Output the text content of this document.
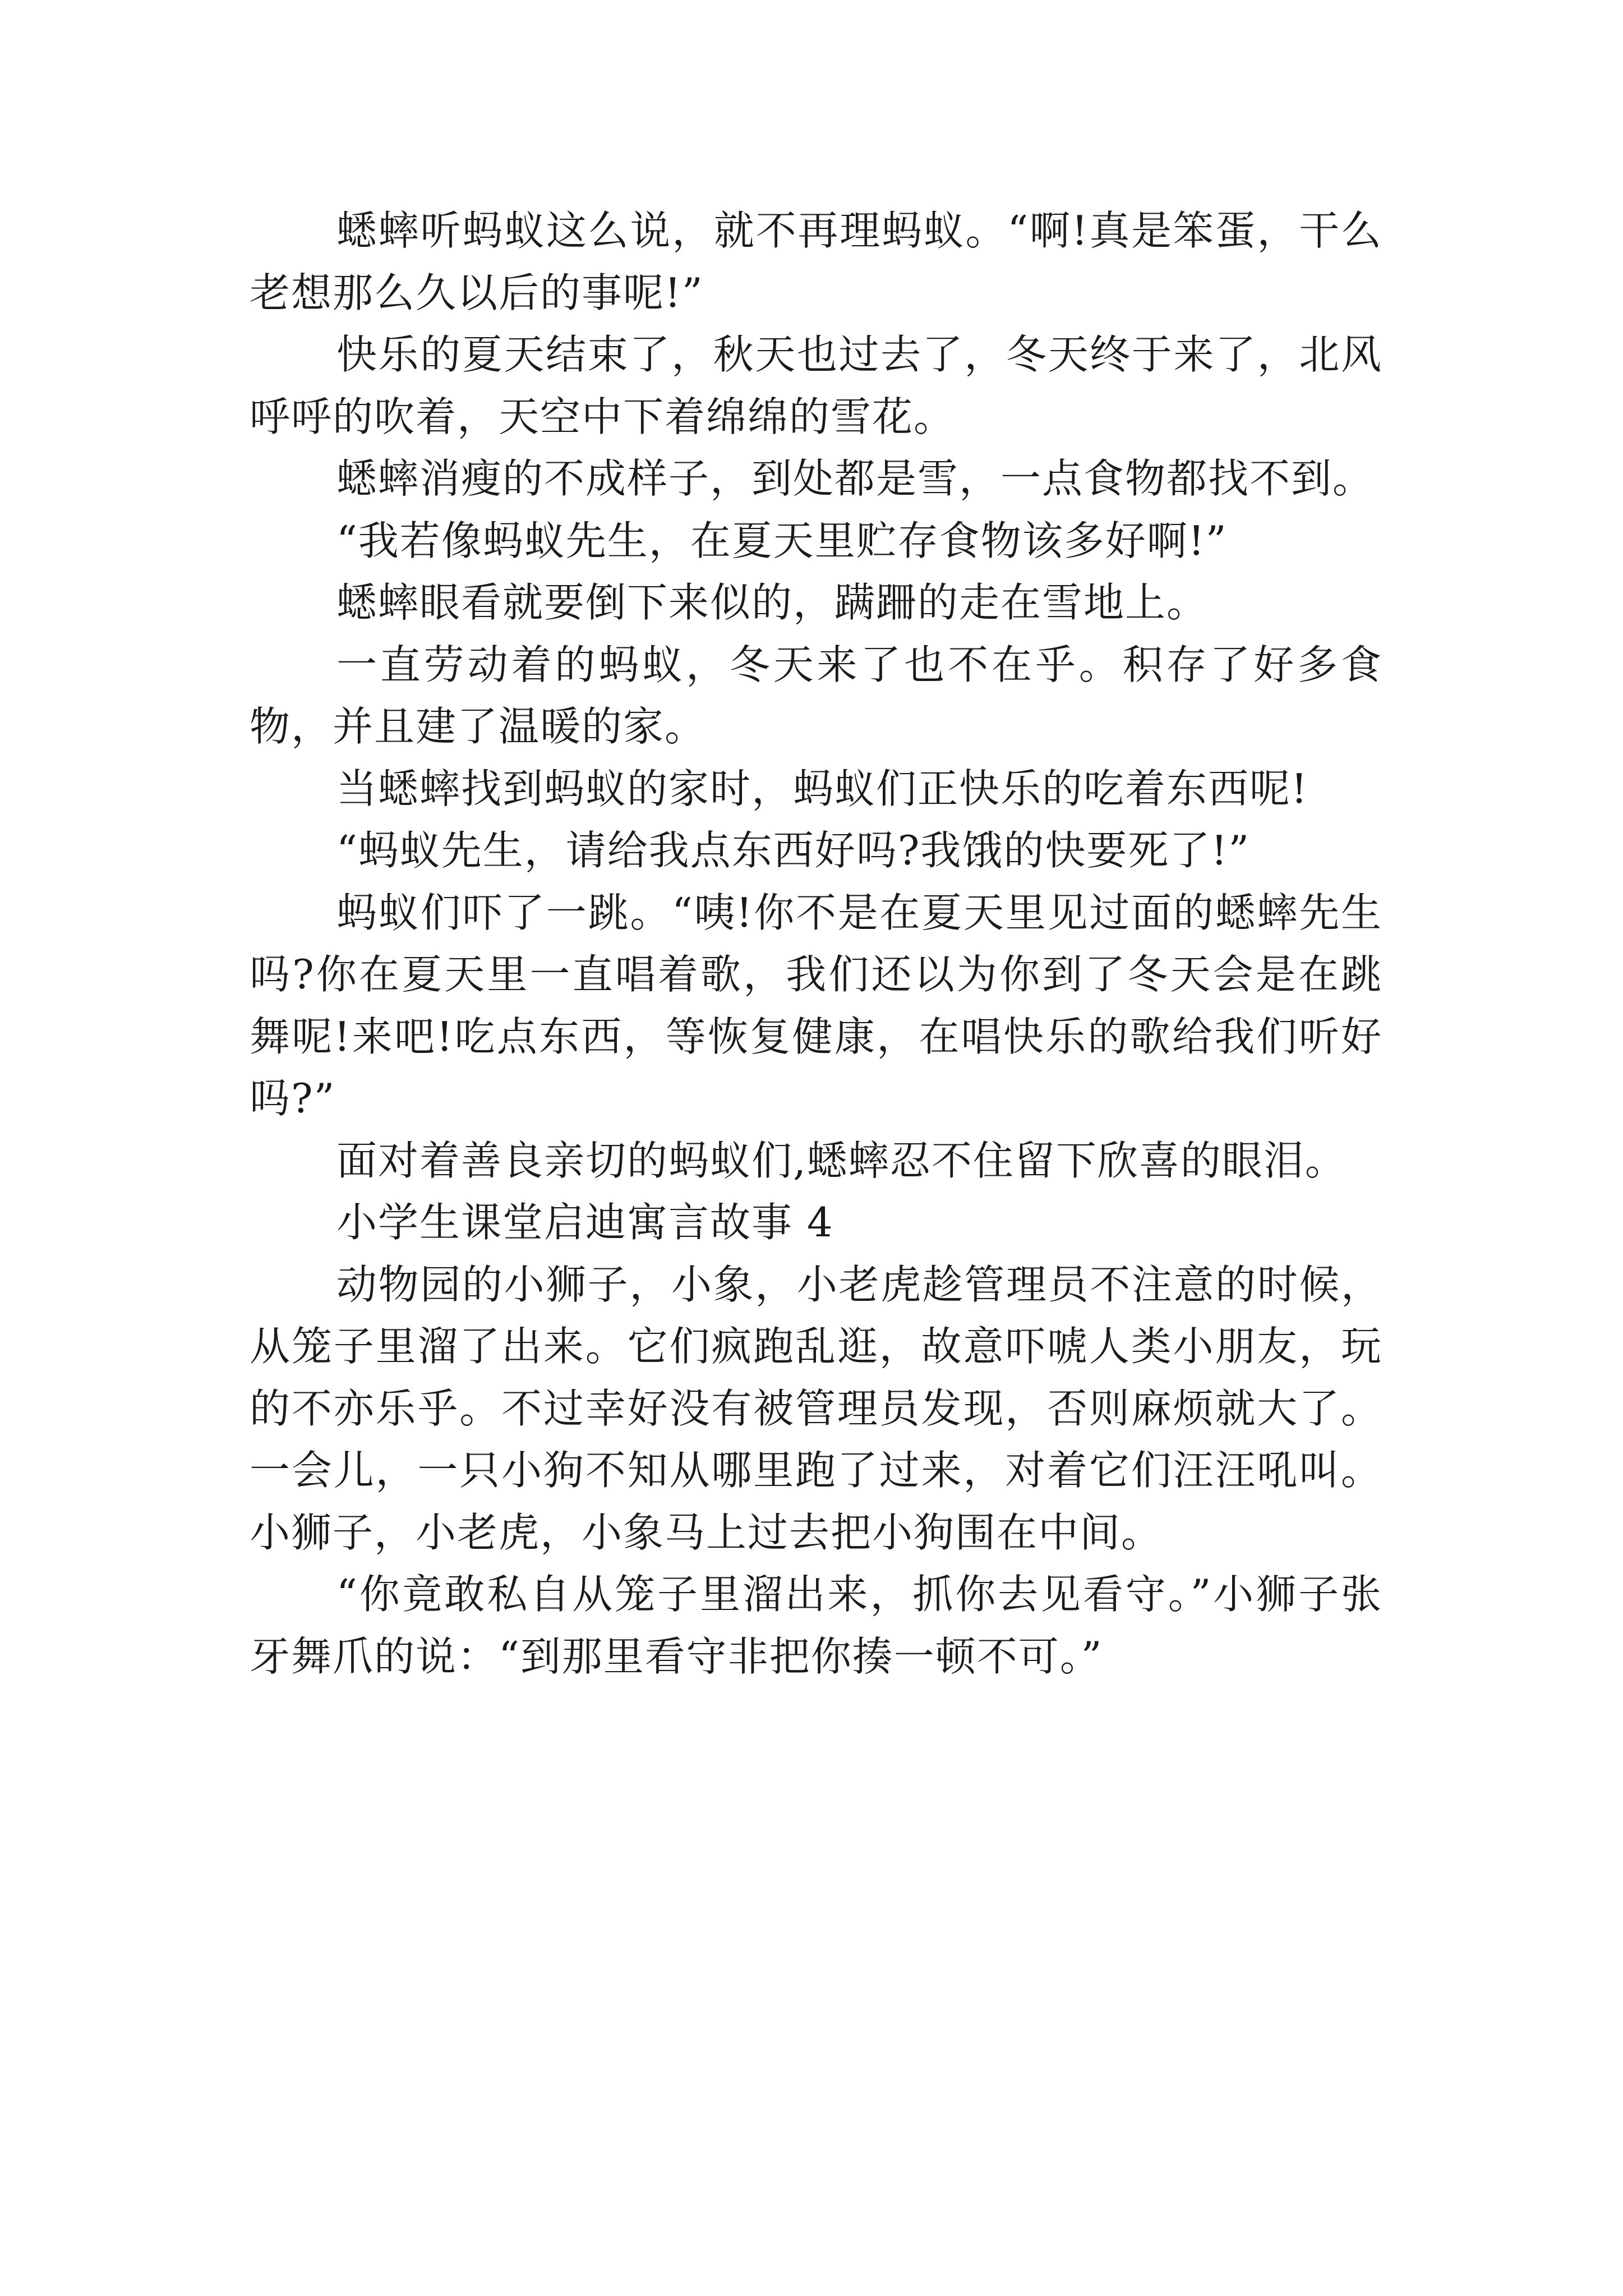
蟋蟀听蚂蚁这么说，就不再理蚂蚁。“啊!真是笨蛋，干么老想那么久以后的事呢!”

快乐的夏天结束了，秋天也过去了，冬天终于来了，北风呼呼的吹着，天空中下着绵绵的雪花。

蟋蟀消瘦的不成样子，到处都是雪，一点食物都找不到。

“我若像蚂蚁先生，在夏天里贮存食物该多好啊!”

蟋蟀眼看就要倒下来似的，蹒跚的走在雪地上。

一直劳动着的蚂蚁，冬天来了也不在乎。积存了好多食物，并且建了温暖的家。

当蟋蟀找到蚂蚁的家时，蚂蚁们正快乐的吃着东西呢!

“蚂蚁先生，请给我点东西好吗?我饿的快要死了!”

蚂蚁们吓了一跳。“咦!你不是在夏天里见过面的蟋蟀先生吗?你在夏天里一直唱着歌，我们还以为你到了冬天会是在跳舞呢!来吧!吃点东西，等恢复健康，在唱快乐的歌给我们听好吗?”

面对着善良亲切的蚂蚁们,蟋蟀忍不住留下欣喜的眼泪。

小学生课堂启迪寓言故事 4

动物园的小狮子，小象，小老虎趁管理员不注意的时候，从笼子里溜了出来。它们疯跑乱逛，故意吓唬人类小朋友，玩的不亦乐乎。不过幸好没有被管理员发现，否则麻烦就大了。一会儿，一只小狗不知从哪里跑了过来，对着它们汪汪吼叫。小狮子，小老虎，小象马上过去把小狗围在中间。

“你竟敢私自从笼子里溜出来，抓你去见看守。”小狮子张牙舞爪的说：“到那里看守非把你揍一顿不可。”
